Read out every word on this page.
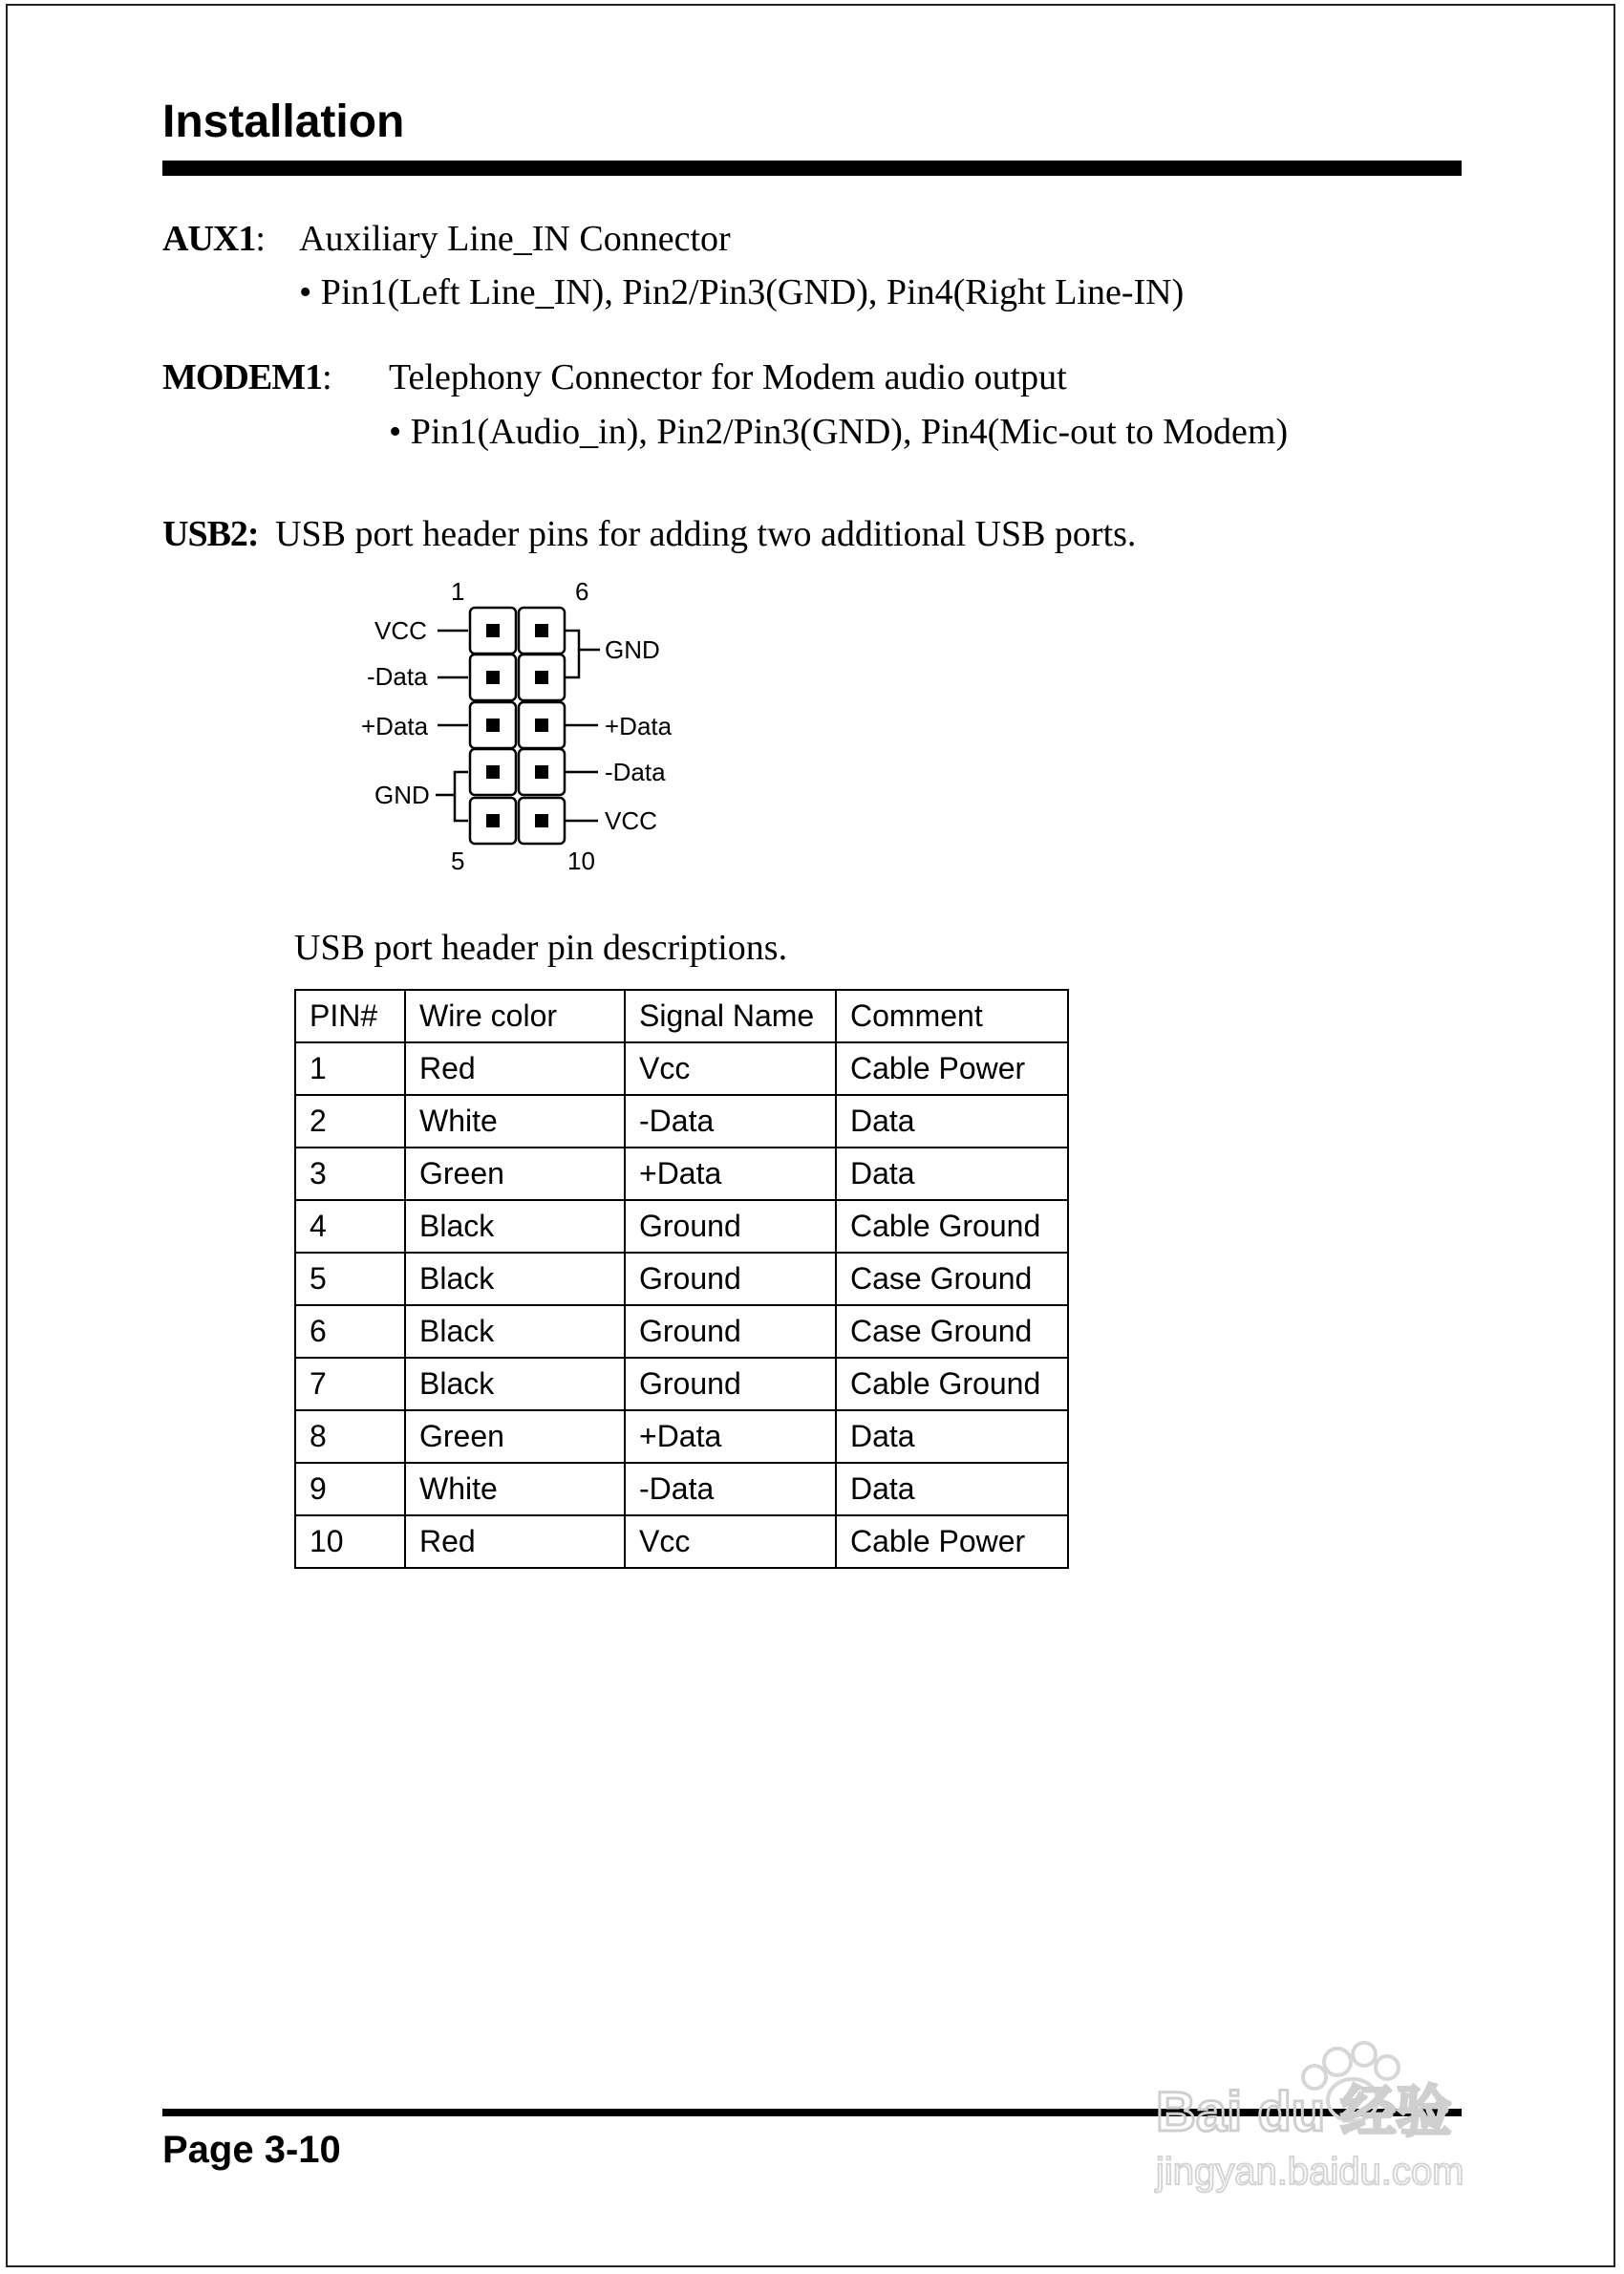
Installation
AUX1: Auxiliary Line_IN Connector
• Pin1(Left Line_IN), Pin2/Pin3(GND), Pin4(Right Line-IN)
MODEM1: Telephony Connector for Modem audio output
• Pin1(Audio_in), Pin2/Pin3(GND), Pin4(Mic-out to Modem)
USB2: USB port header pins for adding two additional USB ports.
1	6
5	10
VCC
-Data
+Data
GND
GND
+Data
-Data
VCC
USB port header pin descriptions.
PIN#	Wire color	Signal Name	Comment
1	Red	Vcc	Cable Power
2	White	-Data	Data
3	Green	+Data	Data
4	Black	Ground	Cable Ground
5	Black	Ground	Case Ground
6	Black	Ground	Case Ground
7	Black	Ground	Cable Ground
8	Green	+Data	Data
9	White	-Data	Data
10	Red	Vcc	Cable Power
Page 3-10
Bai du 经验
jingyan.baidu.com
